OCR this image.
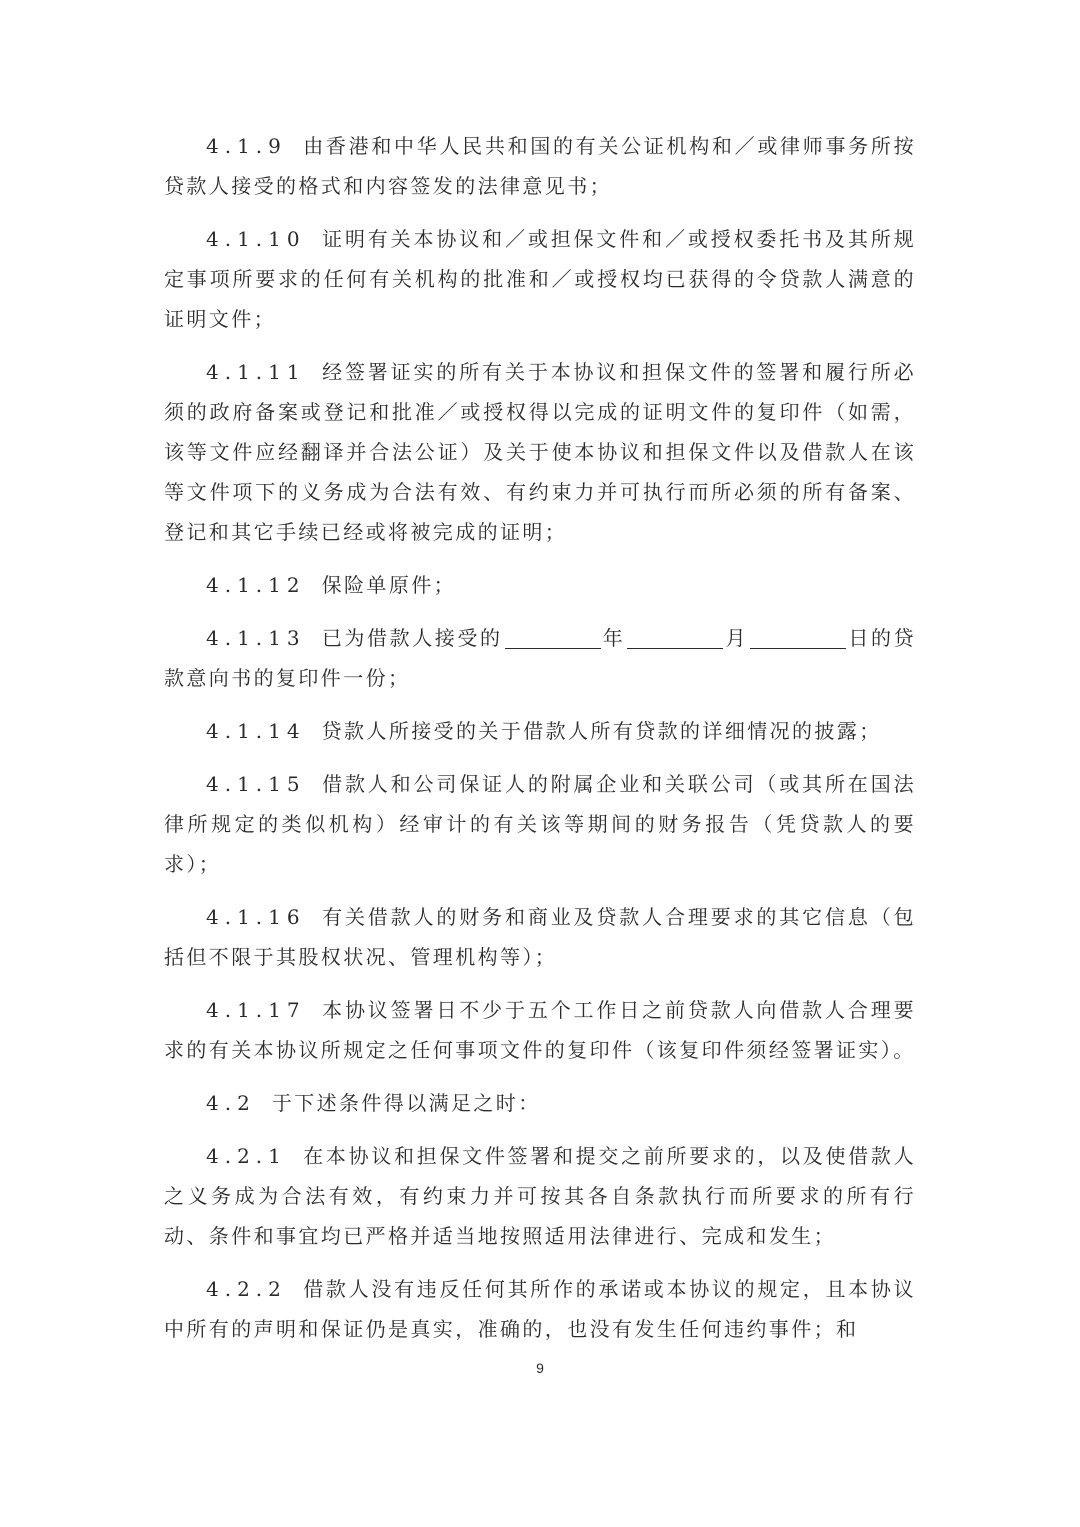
4.1.9 由香港和中华人民共和国的有关公证机构和／或律师事务所按贷款人接受的格式和内容签发的法律意见书；

4.1.10 证明有关本协议和／或担保文件和／或授权委托书及其所规定事项所要求的任何有关机构的批准和／或授权均已获得的令贷款人满意的证明文件；

4.1.11 经签署证实的所有关于本协议和担保文件的签署和履行所必须的政府备案或登记和批准／或授权得以完成的证明文件的复印件（如需，该等文件应经翻译并合法公证）及关于使本协议和担保文件以及借款人在该等文件项下的义务成为合法有效、有约束力并可执行而所必须的所有备案、登记和其它手续已经或将被完成的证明；

4.1.12 保险单原件；

4.1.13 已为借款人接受的	年	月	日的贷款意向书的复印件一份；

4.1.14 贷款人所接受的关于借款人所有贷款的详细情况的披露；

4.1.15 借款人和公司保证人的附属企业和关联公司（或其所在国法律所规定的类似机构）经审计的有关该等期间的财务报告（凭贷款人的要求）；

4.1.16 有关借款人的财务和商业及贷款人合理要求的其它信息（包括但不限于其股权状况、管理机构等）；

4.1.17 本协议签署日不少于五个工作日之前贷款人向借款人合理要求的有关本协议所规定之任何事项文件的复印件（该复印件须经签署证实）。

4.2 于下述条件得以满足之时：

4.2.1 在本协议和担保文件签署和提交之前所要求的，以及使借款人之义务成为合法有效，有约束力并可按其各自条款执行而所要求的所有行动、条件和事宜均已严格并适当地按照适用法律进行、完成和发生；

4.2.2 借款人没有违反任何其所作的承诺或本协议的规定，且本协议中所有的声明和保证仍是真实，准确的，也没有发生任何违约事件；和

9
